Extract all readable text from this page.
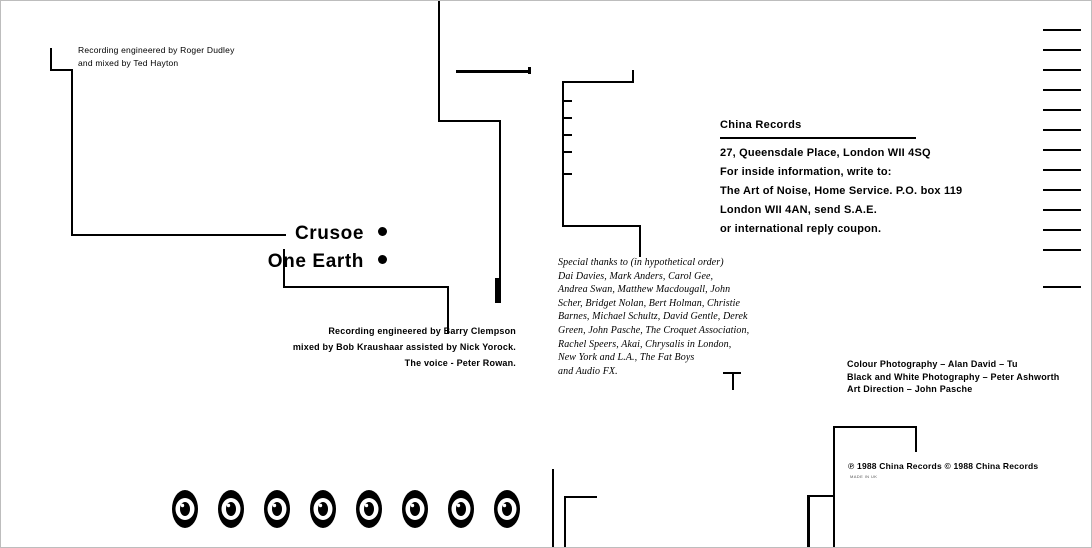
Recording engineered by Roger Dudley
and mixed by Ted Hayton
Crusoe
One Earth
Recording engineered by Barry Clempson
mixed by Bob Kraushaar assisted by Nick Yorock.
The voice - Peter Rowan.
Special thanks to (in hypothetical order)
Dai Davies, Mark Anders, Carol Gee,
Andrea Swan, Matthew Macdougall, John
Scher, Bridget Nolan, Bert Holman, Christie
Barnes, Michael Schultz, David Gentle, Derek
Green, John Pasche, The Croquet Association,
Rachel Speers, Akai, Chrysalis in London,
New York and L.A., The Fat Boys
and Audio FX.
China Records
27, Queensdale Place, London WII 4SQ
For inside information, write to:
The Art of Noise, Home Service. P.O. box 119
London WII 4AN, send S.A.E.
or international reply coupon.
Colour Photography – Alan David – Tu
Black and White Photography – Peter Ashworth
Art Direction – John Pasche
℗ 1988 China Records © 1988 China Records
MADE IN UK
